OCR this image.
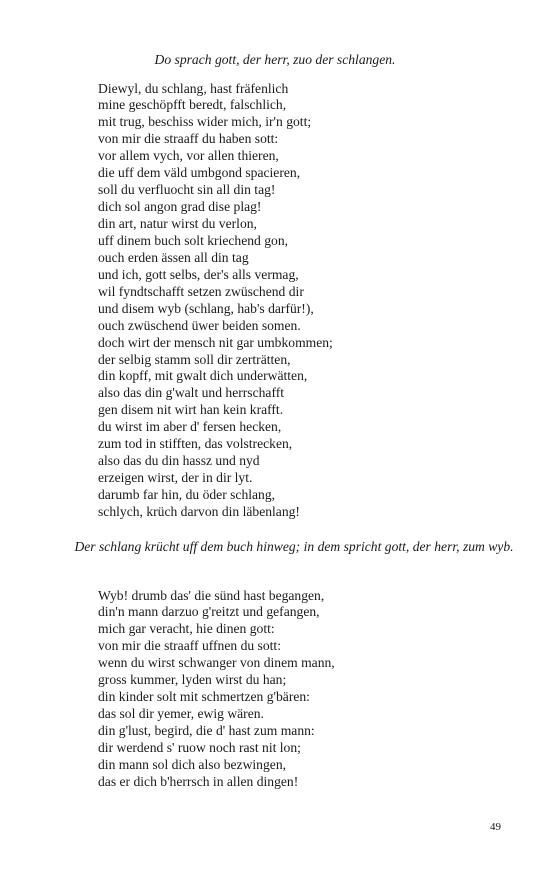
Do sprach gott, der herr, zuo der schlangen.

Diewyl, du schlang, hast fräfenlich
mine geschöpfft beredt, falschlich,
mit trug, beschiss wider mich, ir'n gott;
von mir die straaff du haben sott:
vor allem vych, vor allen thieren,
die uff dem väld umbgond spacieren,
soll du verfluocht sin all din tag!
dich sol angon grad dise plag!
din art, natur wirst du verlon,
uff dinem buch solt kriechend gon,
ouch erden ässen all din tag
und ich, gott selbs, der's alls vermag,
wil fyndtschafft setzen zwüschend dir
und disem wyb (schlang, hab's darfür!),
ouch zwüschend üwer beiden somen.
doch wirt der mensch nit gar umbkommen;
der selbig stamm soll dir zerträtten,
din kopff, mit gwalt dich underwätten,
also das din g'walt und herrschafft
gen disem nit wirt han kein krafft.
du wirst im aber d' fersen hecken,
zum tod in stifften, das volstrecken,
also das du din hassz und nyd
erzeigen wirst, der in dir lyt.
darumb far hin, du öder schlang,
schlych, krüch darvon din läbenlang!

Der schlang krücht uff dem buch hinweg; in dem spricht gott, der herr, zum wyb.

Wyb! drumb das' die sünd hast begangen,
din'n mann darzuo g'reitzt und gefangen,
mich gar veracht, hie dinen gott:
von mir die straaff uffnen du sott:
wenn du wirst schwanger von dinem mann,
gross kummer, lyden wirst du han;
din kinder solt mit schmertzen g'bären:
das sol dir yemer, ewig wären.
din g'lust, begird, die d' hast zum mann:
dir werdend s' ruow noch rast nit lon;
din mann sol dich also bezwingen,
das er dich b'herrsch in allen dingen!
49
